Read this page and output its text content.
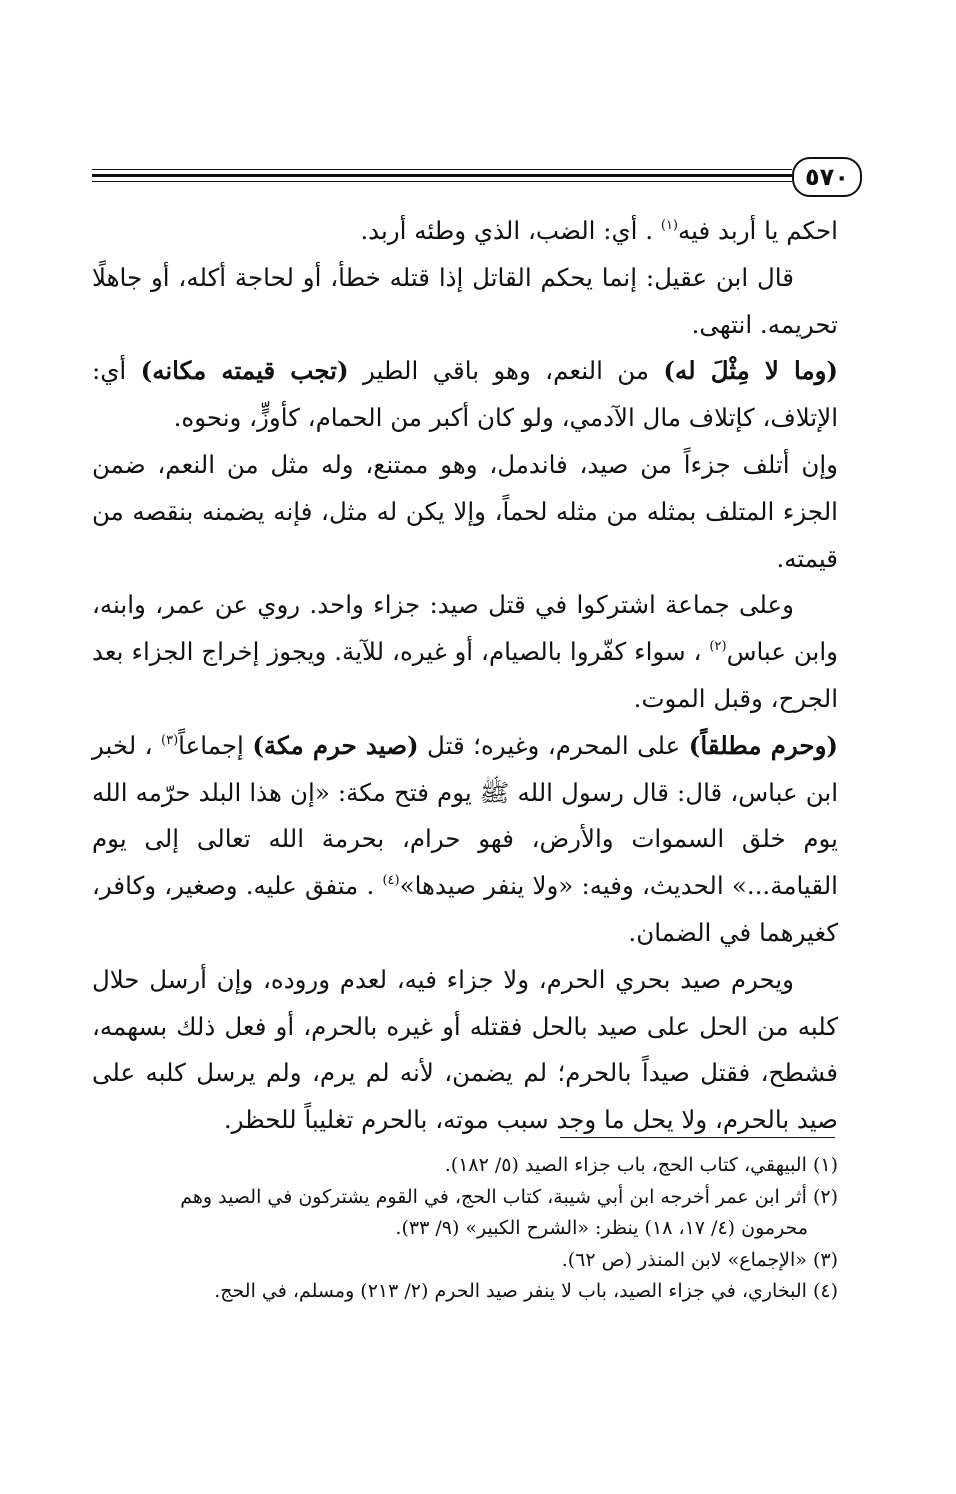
٥٧٠

احكم يا أربد فيه$^{(١)}$ . أي: الضب، الذي وطئه أربد.

قال ابن عقيل: إنما يحكم القاتل إذا قتله خطأ، أو لحاجة أكله، أو جاهلًا تحريمه. انتهى.

(وما لا مِثْلَ له) من النعم، وهو باقي الطير (تجب قيمته مكانه) أي: الإتلاف، كإتلاف مال الآدمي، ولو كان أكبر من الحمام، كأوزٍّ، ونحوه.

وإن أتلف جزءاً من صيد، فاندمل، وهو ممتنع، وله مثل من النعم، ضمن الجزء المتلف بمثله من مثله لحماً، وإلا يكن له مثل، فإنه يضمنه بنقصه من قيمته.

وعلى جماعة اشتركوا في قتل صيد: جزاء واحد. روي عن عمر، وابنه، وابن عباس$^{(٢)}$ ، سواء كفّروا بالصيام، أو غيره، للآية. ويجوز إخراج الجزاء بعد الجرح، وقبل الموت.

(وحرم مطلقاً) على المحرم، وغيره؛ قتل (صيد حرم مكة) إجماعاً$^{(٣)}$ ، لخبر ابن عباس، قال: قال رسول الله ﷺ يوم فتح مكة: «إن هذا البلد حرّمه الله يوم خلق السموات والأرض، فهو حرام، بحرمة الله تعالى إلى يوم القيامة...» الحديث، وفيه: «ولا ينفر صيدها»$^{(٤)}$ . متفق عليه. وصغير، وكافر، كغيرهما في الضمان.

ويحرم صيد بحري الحرم، ولا جزاء فيه، لعدم وروده، وإن أرسل حلال كلبه من الحل على صيد بالحل فقتله أو غيره بالحرم، أو فعل ذلك بسهمه، فشطح، فقتل صيداً بالحرم؛ لم يضمن، لأنه لم يرم، ولم يرسل كلبه على صيد بالحرم، ولا يحل ما وجد سبب موته، بالحرم تغليباً للحظر.

(١) البيهقي، كتاب الحج، باب جزاء الصيد (٥/ ١٨٢).

(٢) أثر ابن عمر أخرجه ابن أبي شيبة، كتاب الحج، في القوم يشتركون في الصيد وهم

محرمون (٤/ ١٧، ١٨) ينظر: «الشرح الكبير» (٩/ ٣٣).

(٣) «الإجماع» لابن المنذر (ص ٦٢).

(٤) البخاري، في جزاء الصيد، باب لا ينفر صيد الحرم (٢/ ٢١٣) ومسلم، في الحج.
